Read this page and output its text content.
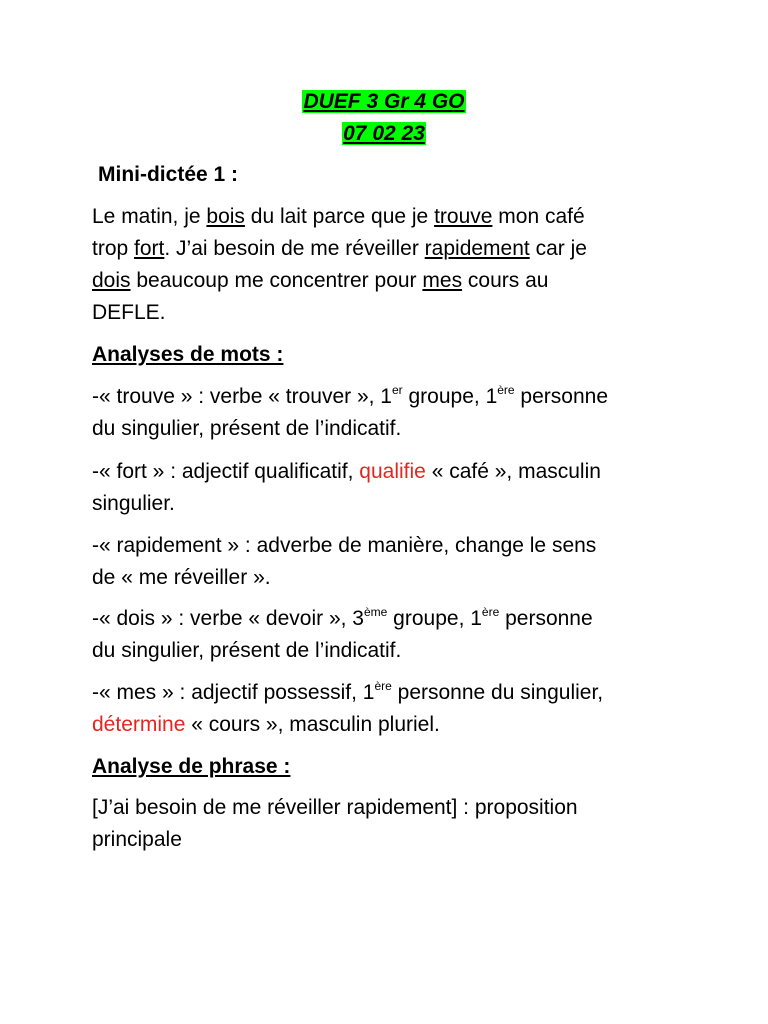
DUEF 3 Gr 4 GO
07 02 23
Mini-dictée 1 :
Le matin, je bois du lait parce que je trouve mon café
trop fort. J’ai besoin de me réveiller rapidement car je
dois beaucoup me concentrer pour mes cours au
DEFLE.
Analyses de mots :
-« trouve » : verbe « trouver », 1er groupe, 1ère personne
du singulier, présent de l’indicatif.
-« fort » : adjectif qualificatif, qualifie « café », masculin
singulier.
-« rapidement » : adverbe de manière, change le sens
de « me réveiller ».
-« dois » : verbe « devoir », 3ème groupe, 1ère personne
du singulier, présent de l’indicatif.
-« mes » : adjectif possessif, 1ère personne du singulier,
détermine « cours », masculin pluriel.
Analyse de phrase :
[J’ai besoin de me réveiller rapidement] : proposition
principale
